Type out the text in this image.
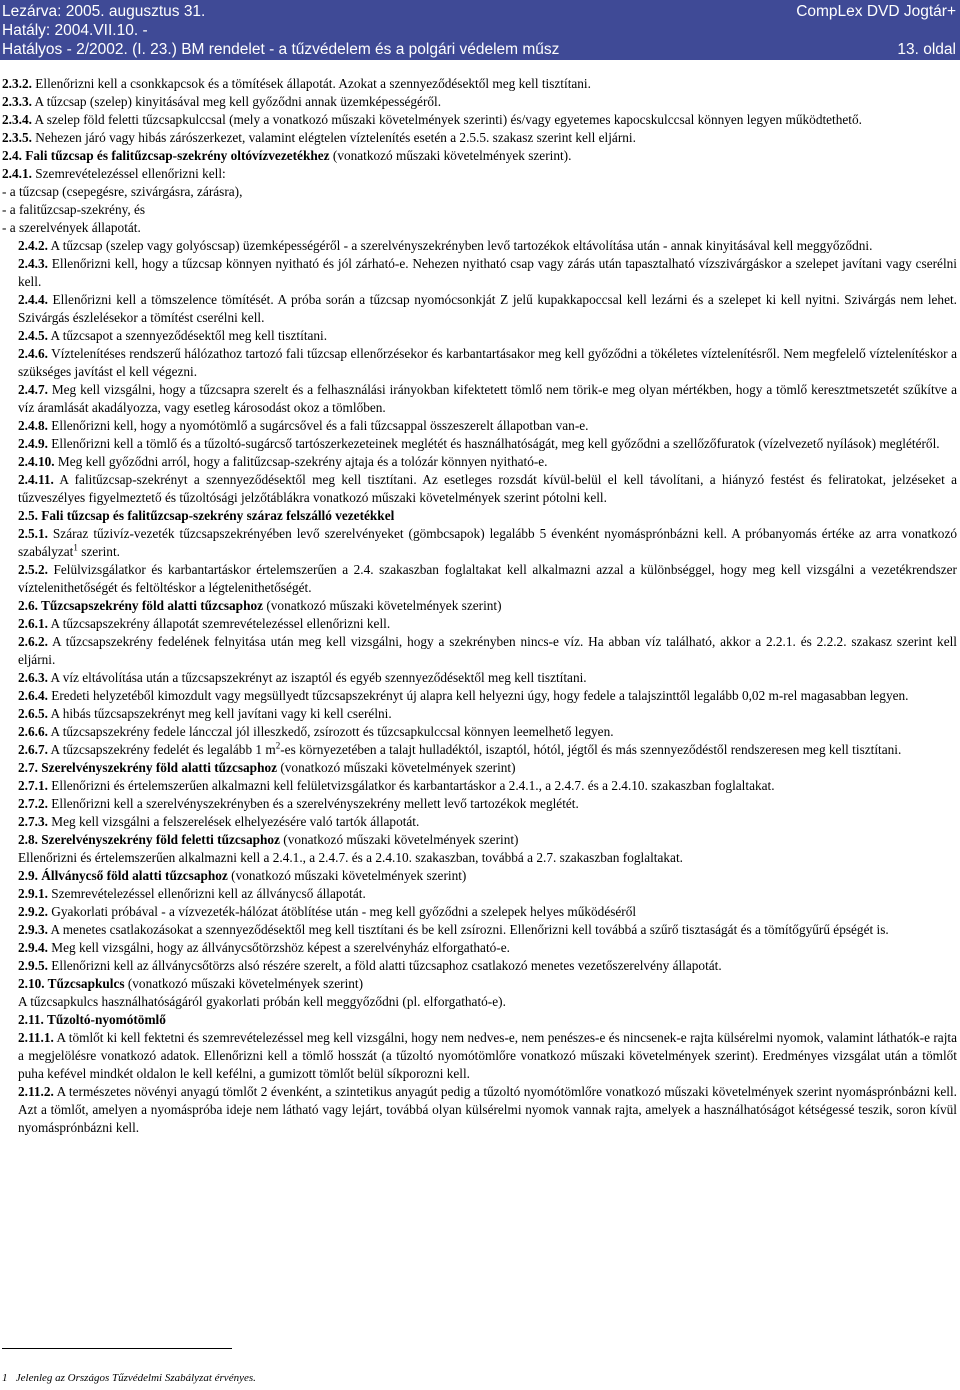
Lezárva: 2005. augusztus 31.	CompLex DVD Jogtár+
Hatály: 2004.VII.10. -
Hatályos - 2/2002. (I. 23.) BM rendelet - a tűzvédelem és a polgári védelem műsz	13. oldal

2.3.2. Ellenőrizni kell a csonkkapcsok és a tömítések állapotát. Azokat a szennyeződésektől meg kell tisztítani.

2.3.3. A tűzcsap (szelep) kinyitásával meg kell győződni annak üzemképességéről.

2.3.4. A szelep föld feletti tűzcsapkulccsal (mely a vonatkozó műszaki követelmények szerinti) és/vagy egyetemes kapocskulccsal könnyen legyen működtethető.

2.3.5. Nehezen járó vagy hibás zárószerkezet, valamint elégtelen víztelenítés esetén a 2.5.5. szakasz szerint kell eljárni.

2.4. Fali tűzcsap és falitűzcsap-szekrény oltóvízvezetékhez (vonatkozó műszaki követelmények szerint).

2.4.1. Szemrevételezéssel ellenőrizni kell:

- a tűzcsap (csepegésre, szivárgásra, zárásra),

- a falitűzcsap-szekrény, és

- a szerelvények állapotát.

2.4.2. A tűzcsap (szelep vagy golyóscsap) üzemképességéről - a szerelvényszekrényben levő tartozékok eltávolítása után - annak kinyitásával kell meggyőződni.

2.4.3. Ellenőrizni kell, hogy a tűzcsap könnyen nyitható és jól zárható-e. Nehezen nyitható csap vagy zárás után tapasztalható vízszivárgáskor a szelepet javítani vagy cserélni kell.

2.4.4. Ellenőrizni kell a tömszelence tömítését. A próba során a tűzcsap nyomócsonkját Z jelű kupakkapoccsal kell lezárni és a szelepet ki kell nyitni. Szivárgás nem lehet. Szivárgás észlelésekor a tömítést cserélni kell.

2.4.5. A tűzcsapot a szennyeződésektől meg kell tisztítani.

2.4.6. Víztelenítéses rendszerű hálózathoz tartozó fali tűzcsap ellenőrzésekor és karbantartásakor meg kell győződni a tökéletes víztelenítésről. Nem megfelelő víztelenítéskor a szükséges javítást el kell végezni.

2.4.7. Meg kell vizsgálni, hogy a tűzcsapra szerelt és a felhasználási irányokban kifektetett tömlő nem törik-e meg olyan mértékben, hogy a tömlő keresztmetszetét szűkítve a víz áramlását akadályozza, vagy esetleg károsodást okoz a tömlőben.

2.4.8. Ellenőrizni kell, hogy a nyomótömlő a sugárcsővel és a fali tűzcsappal összeszerelt állapotban van-e.

2.4.9. Ellenőrizni kell a tömlő és a tűzoltó-sugárcső tartószerkezeteinek meglétét és használhatóságát, meg kell győződni a szellőzőfuratok (vízelvezető nyílások) meglétéről.

2.4.10. Meg kell győződni arról, hogy a falitűzcsap-szekrény ajtaja és a tolózár könnyen nyitható-e.

2.4.11. A falitűzcsap-szekrényt a szennyeződésektől meg kell tisztítani. Az esetleges rozsdát kívül-belül el kell távolítani, a hiányzó festést és feliratokat, jelzéseket a tűzveszélyes figyelmeztető és tűzoltósági jelzőtáblákra vonatkozó műszaki követelmények szerint pótolni kell.

2.5. Fali tűzcsap és falitűzcsap-szekrény száraz felszálló vezetékkel

2.5.1. Száraz tűzivíz-vezeték tűzcsapszekrényében levő szerelvényeket (gömbcsapok) legalább 5 évenként nyomásprónbázni kell. A próbanyomás értéke az arra vonatkozó szabályzat$^1$ szerint.

2.5.2. Felülvizsgálatkor és karbantartáskor értelemszerűen a 2.4. szakaszban foglaltakat kell alkalmazni azzal a különbséggel, hogy meg kell vizsgálni a vezetékrendszer víztelenithetőségét és feltöltéskor a légtelenithetőségét.

2.6. Tűzcsapszekrény föld alatti tűzcsaphoz (vonatkozó műszaki követelmények szerint)

2.6.1. A tűzcsapszekrény állapotát szemrevételezéssel ellenőrizni kell.

2.6.2. A tűzcsapszekrény fedelének felnyitása után meg kell vizsgálni, hogy a szekrényben nincs-e víz. Ha abban víz található, akkor a 2.2.1. és 2.2.2. szakasz szerint kell eljárni.

2.6.3. A víz eltávolítása után a tűzcsapszekrényt az iszaptól és egyéb szennyeződésektől meg kell tisztítani.

2.6.4. Eredeti helyzetéből kimozdult vagy megsüllyedt tűzcsapszekrényt új alapra kell helyezni úgy, hogy fedele a talajszinttől legalább 0,02 m-rel magasabban legyen.

2.6.5. A hibás tűzcsapszekrényt meg kell javítani vagy ki kell cserélni.

2.6.6. A tűzcsapszekrény fedele láncczal jól illeszkedő, zsírozott és tűzcsapkulccsal könnyen leemelhető legyen.

2.6.7. A tűzcsapszekrény fedelét és legalább 1 $m^2-es$ környezetében a talajt hulladéktól, iszaptól, hótól, jégtől és más szennyeződéstől rendszeresen meg kell tisztítani.

2.7. Szerelvényszekrény föld alatti tűzcsaphoz (vonatkozó műszaki követelmények szerint)

2.7.1. Ellenőrizni és értelemszerűen alkalmazni kell felületvizsgálatkor és karbantartáskor a 2.4.1., a 2.4.7. és a 2.4.10. szakaszban foglaltakat.

2.7.2. Ellenőrizni kell a szerelvényszekrényben és a szerelvényszekrény mellett levő tartozékok meglétét.

2.7.3. Meg kell vizsgálni a felszerelések elhelyezésére való tartók állapotát.

2.8. Szerelvényszekrény föld feletti tűzcsaphoz (vonatkozó műszaki követelmények szerint)

Ellenőrizni és értelemszerűen alkalmazni kell a 2.4.1., a 2.4.7. és a 2.4.10. szakaszban, továbbá a 2.7. szakaszban foglaltakat.

2.9. Állványcső föld alatti tűzcsaphoz (vonatkozó műszaki követelmények szerint)

2.9.1. Szemrevételezéssel ellenőrizni kell az állványcső állapotát.

2.9.2. Gyakorlati próbával - a vízvezeték-hálózat átöblítése után - meg kell győződni a szelepek helyes működéséről

2.9.3. A menetes csatlakozásokat a szennyeződésektől meg kell tisztítani és be kell zsírozni. Ellenőrizni kell továbbá a szűrő tisztaságát és a tömítőgyűrű épségét is.

2.9.4. Meg kell vizsgálni, hogy az állványcsőtörzshöz képest a szerelvényház elforgatható-e.

2.9.5. Ellenőrizni kell az állványcsőtörzs alsó részére szerelt, a föld alatti tűzcsaphoz csatlakozó menetes vezetőszerelvény állapotát.

2.10. Tűzcsapkulcs (vonatkozó műszaki követelmények szerint)

A tűzcsapkulcs használhatóságáról gyakorlati próbán kell meggyőződni (pl. elforgatható-e).

2.11. Tűzoltó-nyomótömlő

2.11.1. A tömlőt ki kell fektetni és szemrevételezéssel meg kell vizsgálni, hogy nem nedves-e, nem penészes-e és nincsenek-e rajta külsérelmi nyomok, valamint láthatók-e rajta a megjelölésre vonatkozó adatok. Ellenőrizni kell a tömlő hosszát (a tűzoltó nyomótömlőre vonatkozó műszaki követelmények szerint). Eredményes vizsgálat után a tömlőt puha kefével mindkét oldalon le kell kefélni, a gumizott tömlőt belül síkporozni kell.

2.11.2. A természetes növényi anyagú tömlőt 2 évenként, a szintetikus anyagút pedig a tűzoltó nyomótömlőre vonatkozó műszaki követelmények szerint nyomásprónbázni kell. Azt a tömlőt, amelyen a nyomáspróba ideje nem látható vagy lejárt, továbbá olyan külsérelmi nyomok vannak rajta, amelyek a használhatóságot kétségessé teszik, soron kívül nyomásprónbázni kell.

1 Jelenleg az Országos Tűzvédelmi Szabályzat érvényes.
